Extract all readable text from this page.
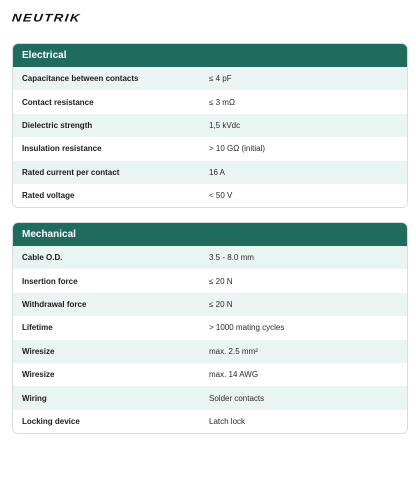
NEUTRIK
Electrical
Capacitance between contacts	≤ 4 pF
Contact resistance	≤ 3 mΩ
Dielectric strength	1,5 kVdc
Insulation resistance	> 10 GΩ (initial)
Rated current per contact	16 A
Rated voltage	< 50 V
Mechanical
Cable O.D.	3.5 - 8.0 mm
Insertion force	≤ 20 N
Withdrawal force	≤ 20 N
Lifetime	> 1000 mating cycles
Wiresize	max. 2.5 mm²
Wiresize	max. 14 AWG
Wiring	Solder contacts
Locking device	Latch lock
